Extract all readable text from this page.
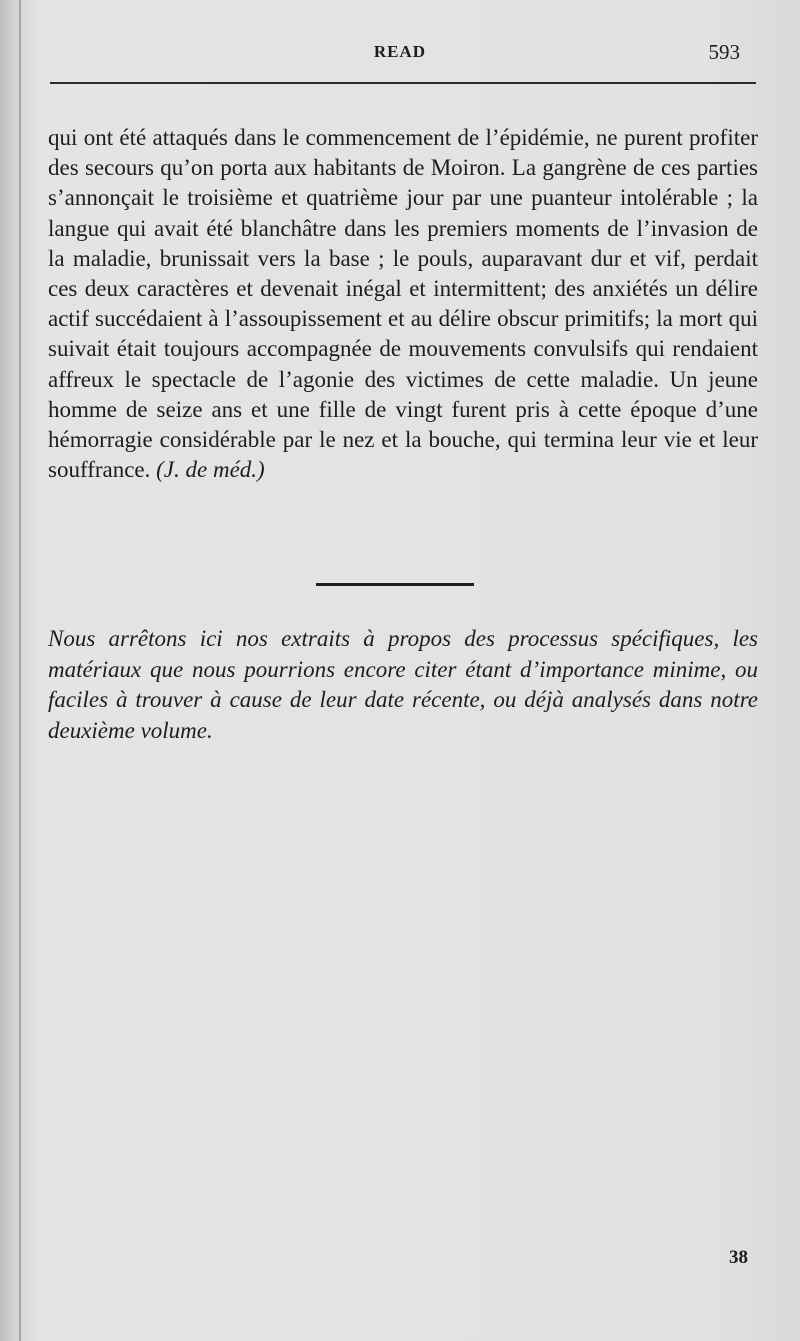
READ	593
qui ont été attaqués dans le commencement de l’épidémie, ne purent profiter des secours qu’on porta aux habitants de Moiron. La gangrène de ces parties s’annonçait le troisième et quatrième jour par une puanteur intolérable ; la langue qui avait été blanchâtre dans les premiers moments de l’invasion de la maladie, brunissait vers la base ; le pouls, auparavant dur et vif, perdait ces deux caractères et devenait inégal et intermittent; des anxiétés un délire actif succédaient à l’assoupissement et au délire obscur primitifs; la mort qui suivait était toujours accompagnée de mouvements convulsifs qui rendaient affreux le spectacle de l’agonie des victimes de cette maladie. Un jeune homme de seize ans et une fille de vingt furent pris à cette époque d’une hémorragie considérable par le nez et la bouche, qui termina leur vie et leur souffrance. (J. de méd.)
Nous arrêtons ici nos extraits à propos des processus spécifiques, les matériaux que nous pourrions encore citer étant d’importance minime, ou faciles à trouver à cause de leur date récente, ou déjà analysés dans notre deuxième volume.
38
